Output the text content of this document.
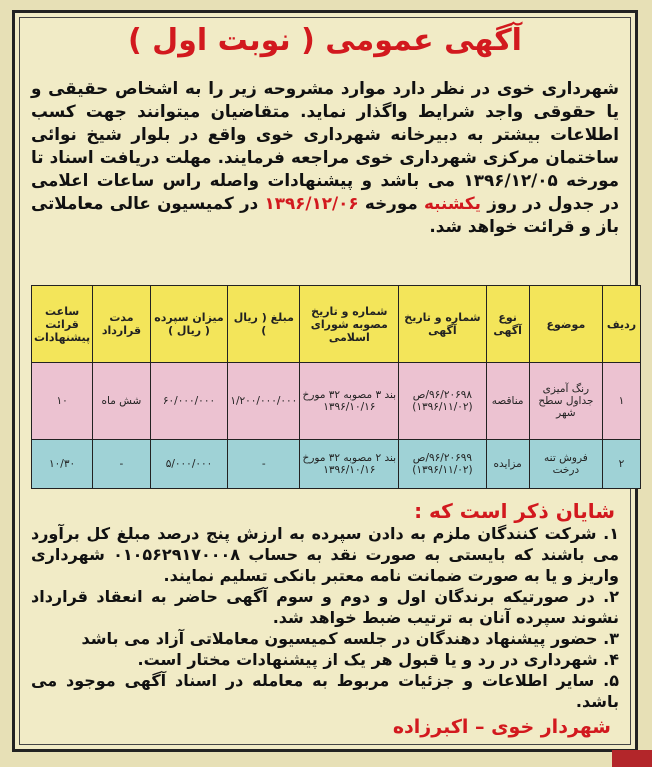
آگهی عمومی ( نوبت اول )
شهرداری خوی در نظر دارد موارد مشروحه زیر را به اشخاص حقیقی و یا حقوقی واجد شرایط واگذار نماید. متقاضیان میتوانند جهت کسب اطلاعات بیشتر به دبیرخانه شهرداری خوی واقع در بلوار شیخ نوائی ساختمان مرکزی شهرداری خوی مراجعه فرمایند. مهلت دریافت اسناد تا مورخه ۱۳۹۶/۱۲/۰۵ می باشد و پیشنهادات واصله راس ساعات اعلامی در جدول در روز یکشنبه مورخه ۱۳۹۶/۱۲/۰۶ در کمیسیون عالی معاملاتی باز و قرائت خواهد شد.
ردیف	موضوع	نوع آگهی	شماره و تاریخ آگهی	شماره و تاریخ مصوبه شورای اسلامی	مبلغ ( ریال )	میزان سپرده ( ریال )	مدت قرارداد	ساعت قرائت پیشنهادات
۱	رنگ آمیزی جداول سطح شهر	مناقصه	۹۶/۲۰۶۹۸/ص (۱۳۹۶/۱۱/۰۲)	بند ۳ مصوبه ۳۲ مورخ ۱۳۹۶/۱۰/۱۶	۱/۲۰۰/۰۰۰/۰۰۰	۶۰/۰۰۰/۰۰۰	شش ماه	۱۰
۲	فروش تنه درخت	مزایده	۹۶/۲۰۶۹۹/ص (۱۳۹۶/۱۱/۰۲)	بند ۲ مصوبه ۳۲ مورخ ۱۳۹۶/۱۰/۱۶	-	۵/۰۰۰/۰۰۰	-	۱۰/۳۰
شایان ذکر است که :

۱. شرکت کنندگان ملزم به دادن سپرده به ارزش پنج درصد مبلغ کل برآورد می باشند که بایستی به صورت نقد به حساب ۰۱۰۵۶۲۹۱۷۰۰۰۸ شهرداری واریز و یا به صورت ضمانت نامه معتبر بانکی تسلیم نمایند.

۲. در صورتیکه برندگان اول و دوم و سوم آگهی حاضر به انعقاد قرارداد نشوند سپرده آنان به ترتیب ضبط خواهد شد.

۳. حضور پیشنهاد دهندگان در جلسه کمیسیون معاملاتی آزاد می باشد

۴. شهرداری در رد و یا قبول هر یک از پیشنهادات مختار است.

۵. سایر اطلاعات و جزئیات مربوط به معامله در اسناد آگهی موجود می باشد.

شهردار خوی – اکبرزاده
